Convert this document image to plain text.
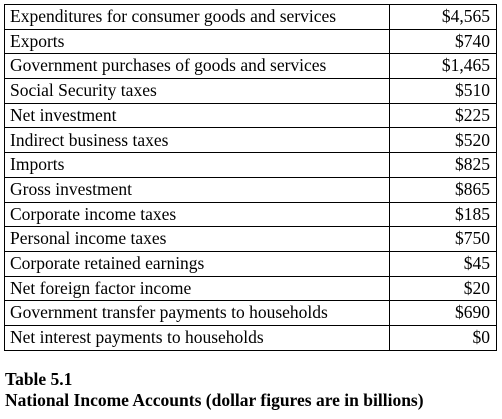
Expenditures for consumer goods and services	$4,565
Exports	$740
Government purchases of goods and services	$1,465
Social Security taxes	$510
Net investment	$225
Indirect business taxes	$520
Imports	$825
Gross investment	$865
Corporate income taxes	$185
Personal income taxes	$750
Corporate retained earnings	$45
Net foreign factor income	$20
Government transfer payments to households	$690
Net interest payments to households	$0
Table 5.1
National Income Accounts (dollar figures are in billions)
